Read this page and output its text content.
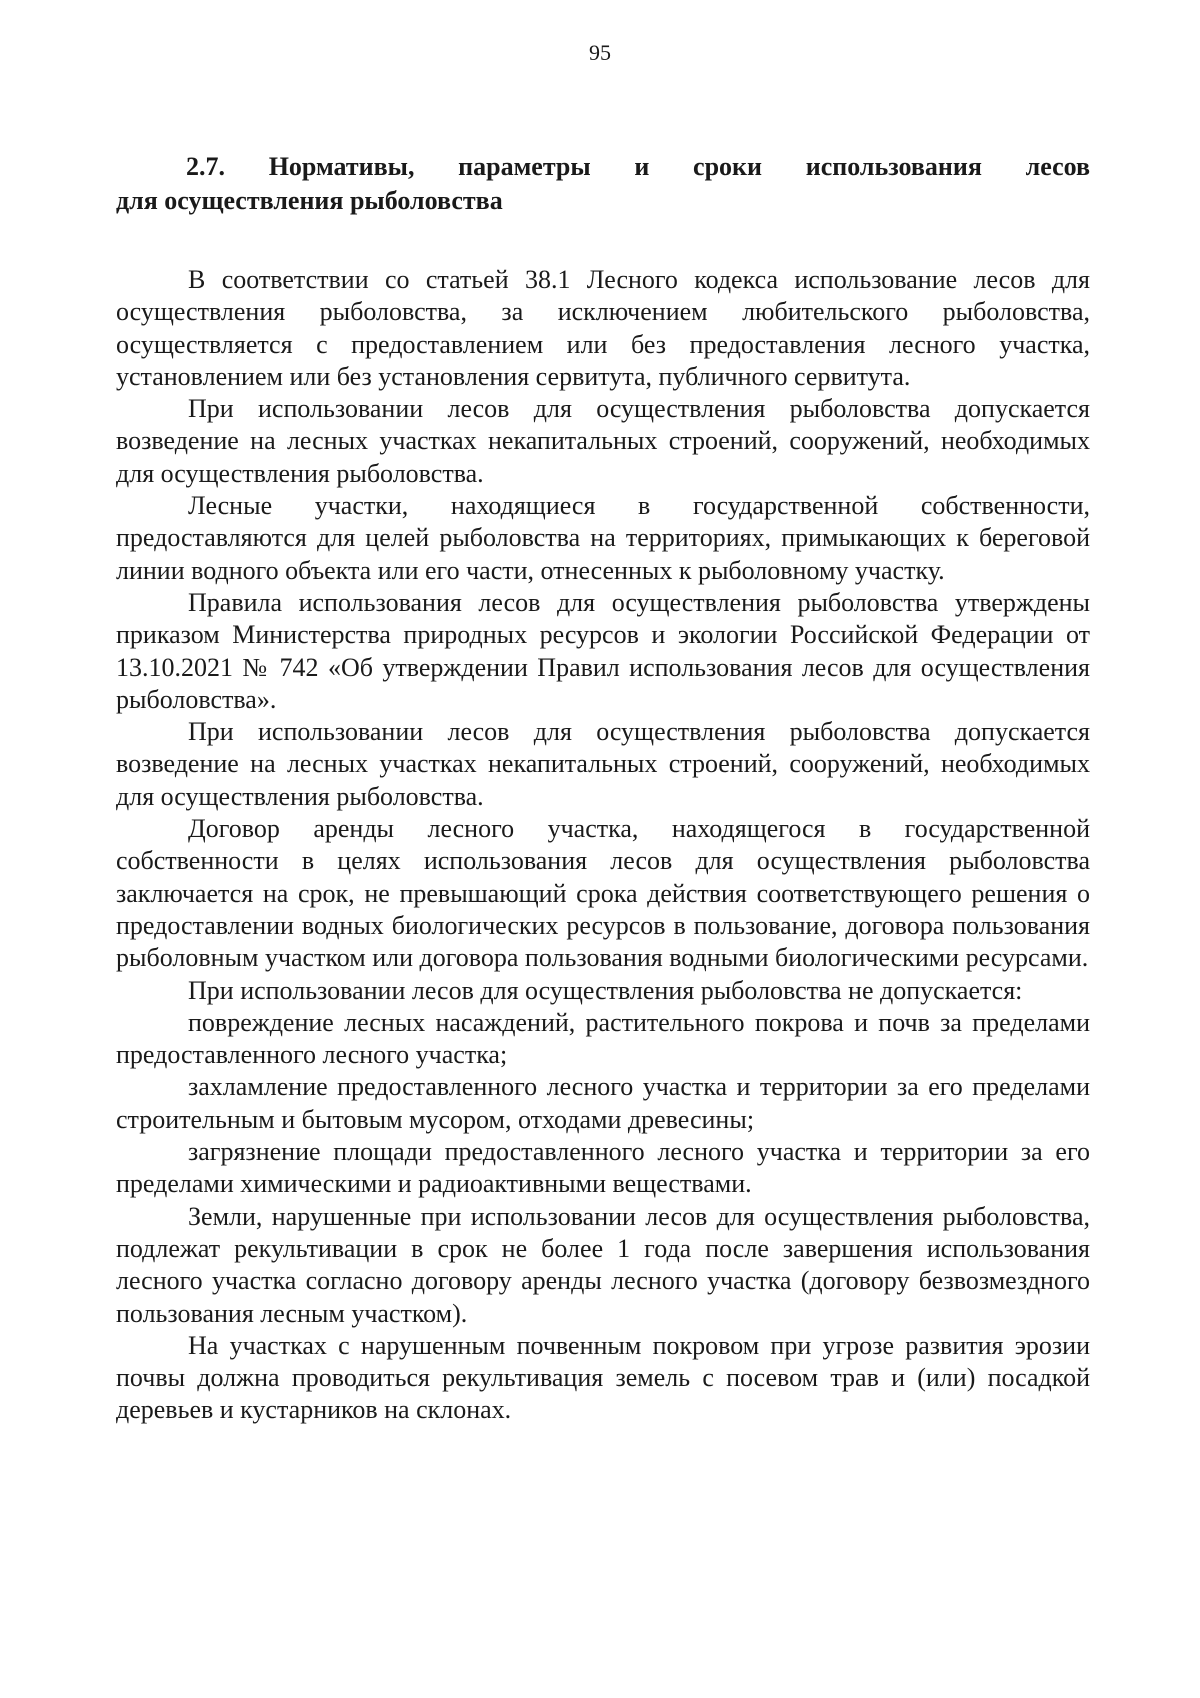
95
2.7. Нормативы, параметры и сроки использования лесов
для осуществления рыболовства

В соответствии со статьей 38.1 Лесного кодекса использование лесов для осуществления рыболовства, за исключением любительского рыболовства, осуществляется с предоставлением или без предоставления лесного участка, установлением или без установления сервитута, публичного сервитута.

При использовании лесов для осуществления рыболовства допускается возведение на лесных участках некапитальных строений, сооружений, необходимых для осуществления рыболовства.

Лесные участки, находящиеся в государственной собственности, предоставляются для целей рыболовства на территориях, примыкающих к береговой линии водного объекта или его части, отнесенных к рыболовному участку.

Правила использования лесов для осуществления рыболовства утверждены приказом Министерства природных ресурсов и экологии Российской Федерации от 13.10.2021 № 742 «Об утверждении Правил использования лесов для осуществления рыболовства».

При использовании лесов для осуществления рыболовства допускается возведение на лесных участках некапитальных строений, сооружений, необходимых для осуществления рыболовства.

Договор аренды лесного участка, находящегося в государственной собственности в целях использования лесов для осуществления рыболовства заключается на срок, не превышающий срока действия соответствующего решения о предоставлении водных биологических ресурсов в пользование, договора пользования рыболовным участком или договора пользования водными биологическими ресурсами.

При использовании лесов для осуществления рыболовства не допускается:

повреждение лесных насаждений, растительного покрова и почв за пределами предоставленного лесного участка;

захламление предоставленного лесного участка и территории за его пределами строительным и бытовым мусором, отходами древесины;

загрязнение площади предоставленного лесного участка и территории за его пределами химическими и радиоактивными веществами.

Земли, нарушенные при использовании лесов для осуществления рыболовства, подлежат рекультивации в срок не более 1 года после завершения использования лесного участка согласно договору аренды лесного участка (договору безвозмездного пользования лесным участком).

На участках с нарушенным почвенным покровом при угрозе развития эрозии почвы должна проводиться рекультивация земель с посевом трав и (или) посадкой деревьев и кустарников на склонах.
